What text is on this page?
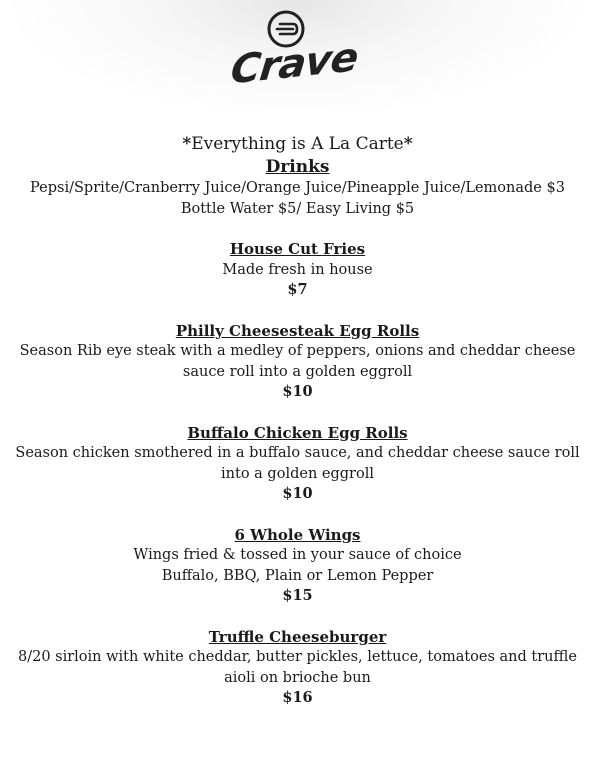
Crave
*Everything is A La Carte*
Drinks
Pepsi/Sprite/Cranberry Juice/Orange Juice/Pineapple Juice/Lemonade $3
Bottle Water $5/ Easy Living $5
House Cut Fries
Made fresh in house
$7
Philly Cheesesteak Egg Rolls
Season Rib eye steak with a medley of peppers, onions and cheddar cheese sauce roll into a golden eggroll
$10
Buffalo Chicken Egg Rolls
Season chicken smothered in a buffalo sauce, and cheddar cheese sauce roll into a golden eggroll
$10
6 Whole Wings
Wings fried & tossed in your sauce of choice
Buffalo, BBQ, Plain or Lemon Pepper
$15
Truffle Cheeseburger
8/20 sirloin with white cheddar, butter pickles, lettuce, tomatoes and truffle aioli on brioche bun
$16
